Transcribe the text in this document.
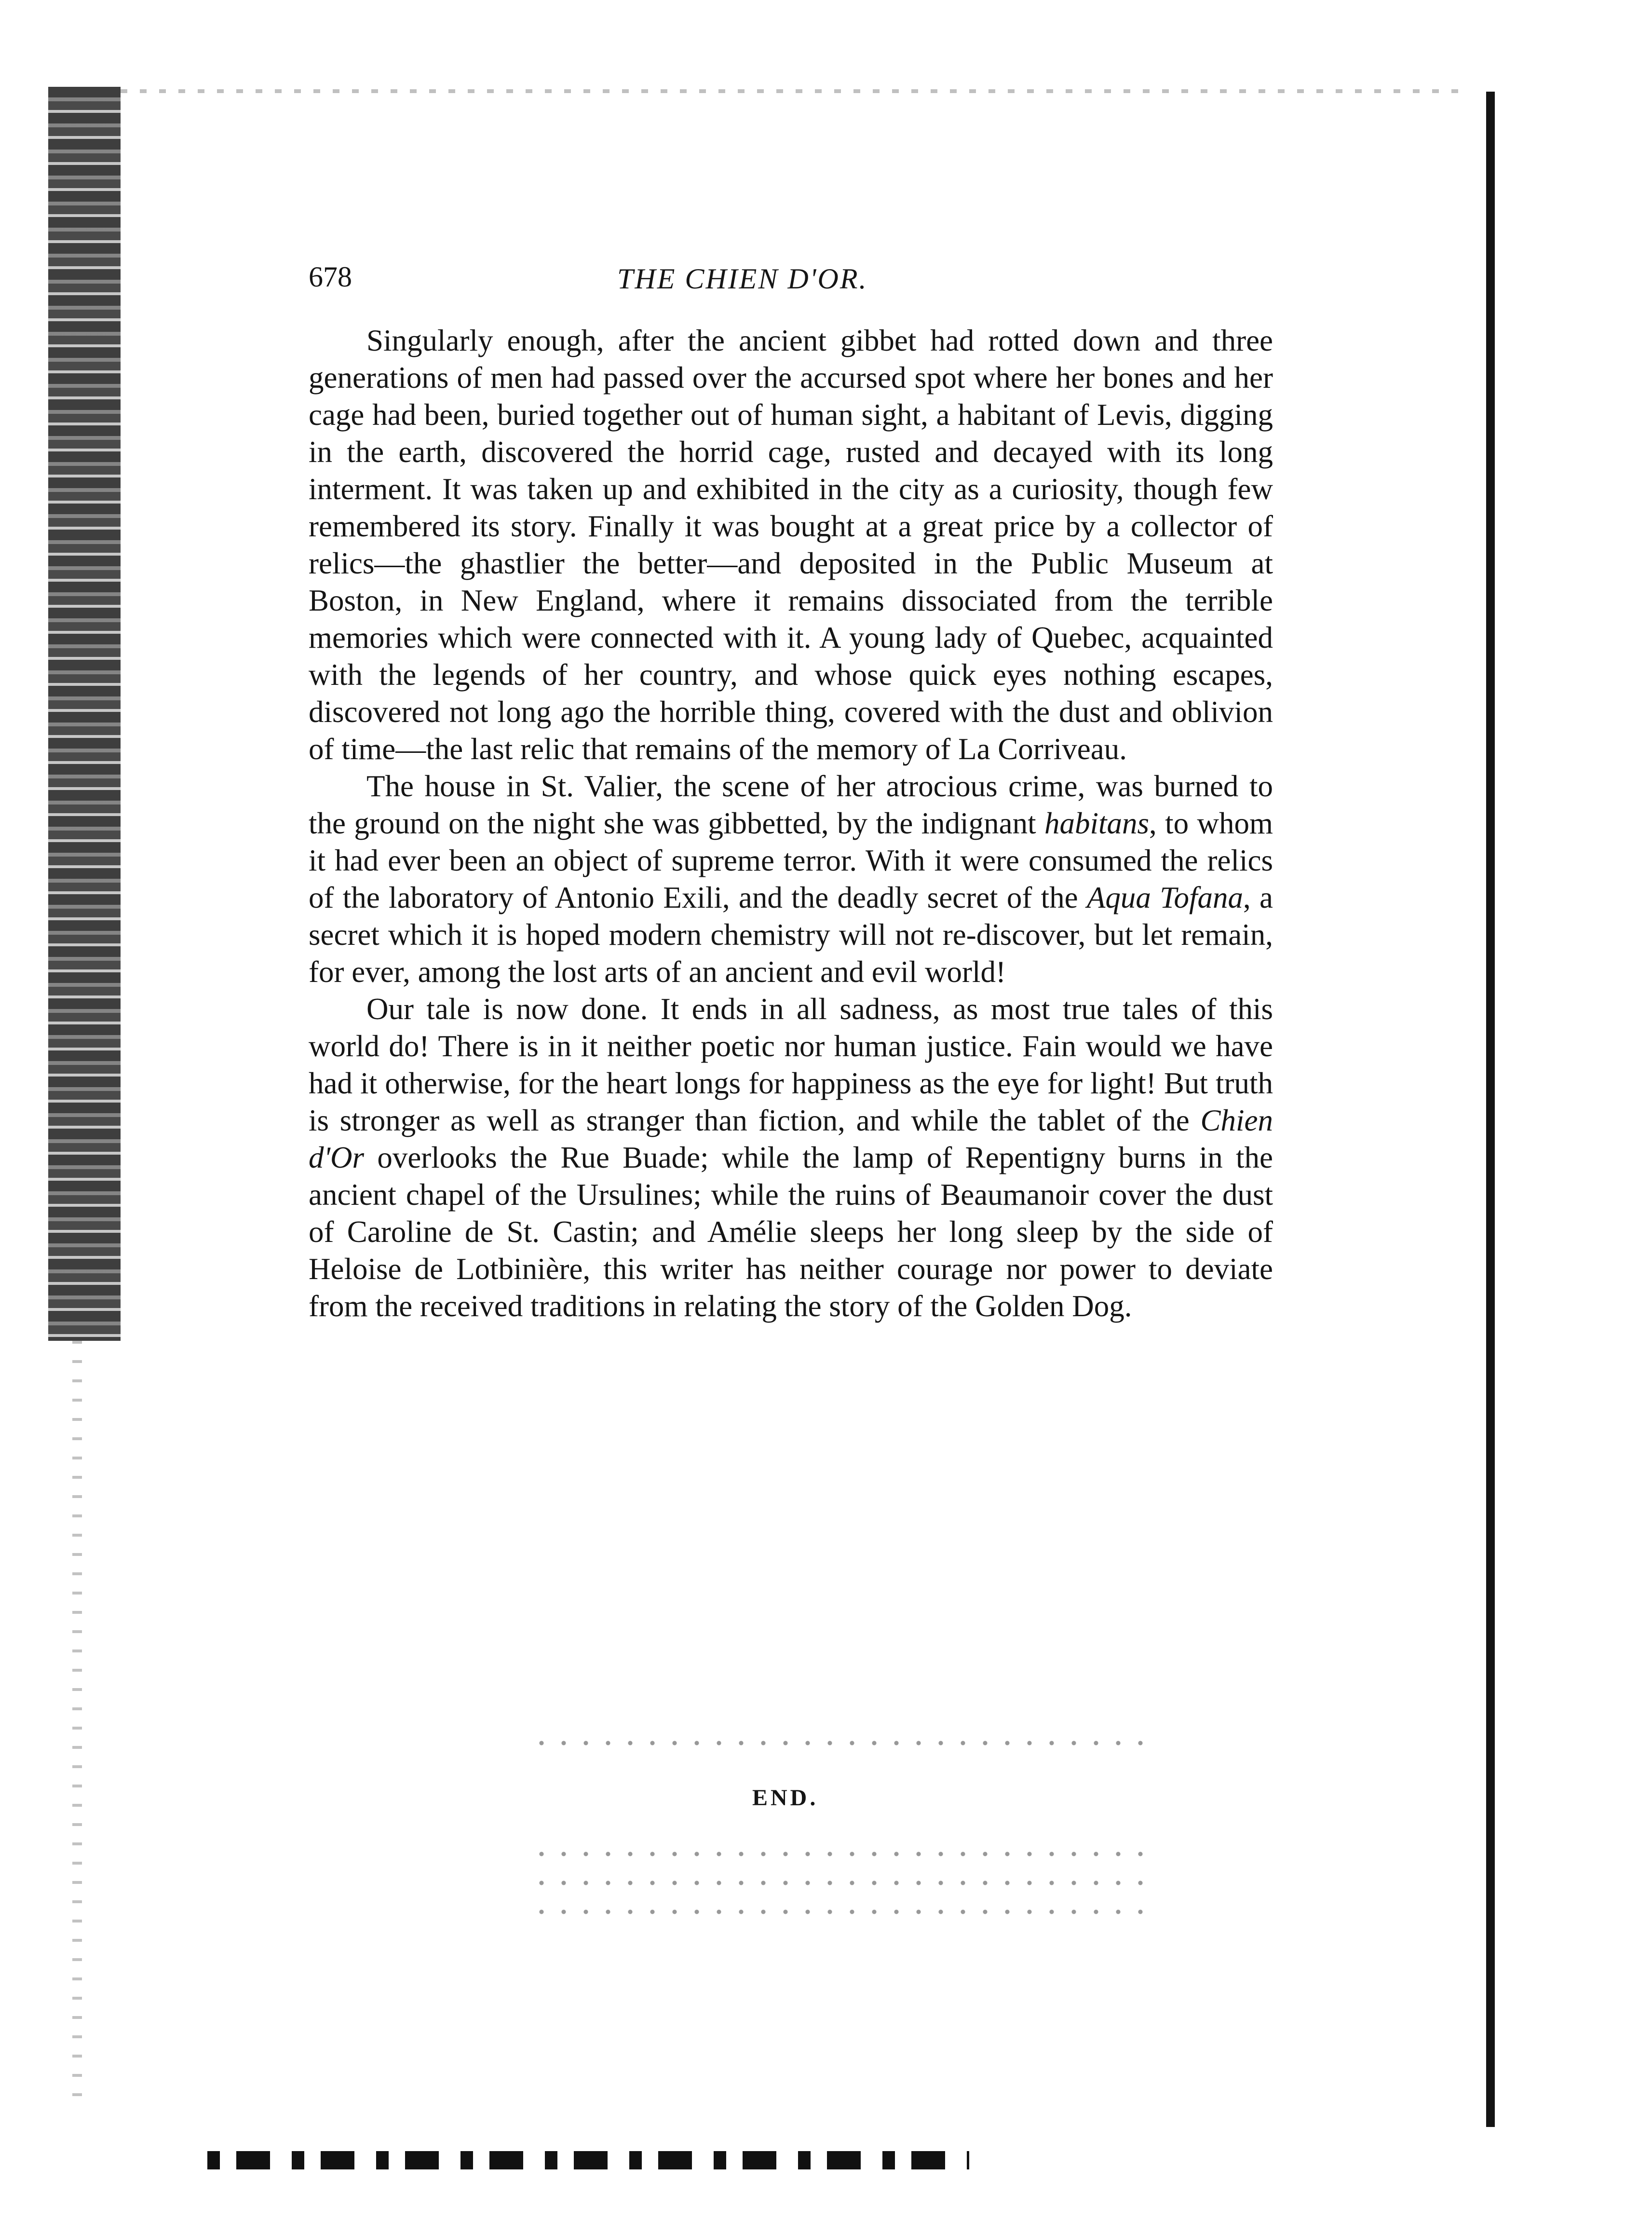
678	THE CHIEN D'OR.

Singularly enough, after the ancient gibbet had rotted down and three generations of men had passed over the accursed spot where her bones and her cage had been, buried together out of human sight, a habitant of Levis, digging in the earth, discovered the horrid cage, rusted and decayed with its long interment. It was taken up and exhibited in the city as a curiosity, though few remembered its story. Finally it was bought at a great price by a collector of relics—the ghastlier the better—and deposited in the Public Museum at Boston, in New England, where it remains dissociated from the terrible memories which were connected with it. A young lady of Quebec, acquainted with the legends of her country, and whose quick eyes nothing escapes, discovered not long ago the horrible thing, covered with the dust and oblivion of time—the last relic that remains of the memory of La Corriveau.

The house in St. Valier, the scene of her atrocious crime, was burned to the ground on the night she was gibbetted, by the indignant habitans, to whom it had ever been an object of supreme terror. With it were consumed the relics of the laboratory of Antonio Exili, and the deadly secret of the Aqua Tofana, a secret which it is hoped modern chemistry will not re-discover, but let remain, for ever, among the lost arts of an ancient and evil world!

Our tale is now done. It ends in all sadness, as most true tales of this world do! There is in it neither poetic nor human justice. Fain would we have had it otherwise, for the heart longs for happiness as the eye for light! But truth is stronger as well as stranger than fiction, and while the tablet of the Chien d'Or overlooks the Rue Buade; while the lamp of Repentigny burns in the ancient chapel of the Ursulines; while the ruins of Beaumanoir cover the dust of Caroline de St. Castin; and Amélie sleeps her long sleep by the side of Heloise de Lotbinière, this writer has neither courage nor power to deviate from the received traditions in relating the story of the Golden Dog.

END.
